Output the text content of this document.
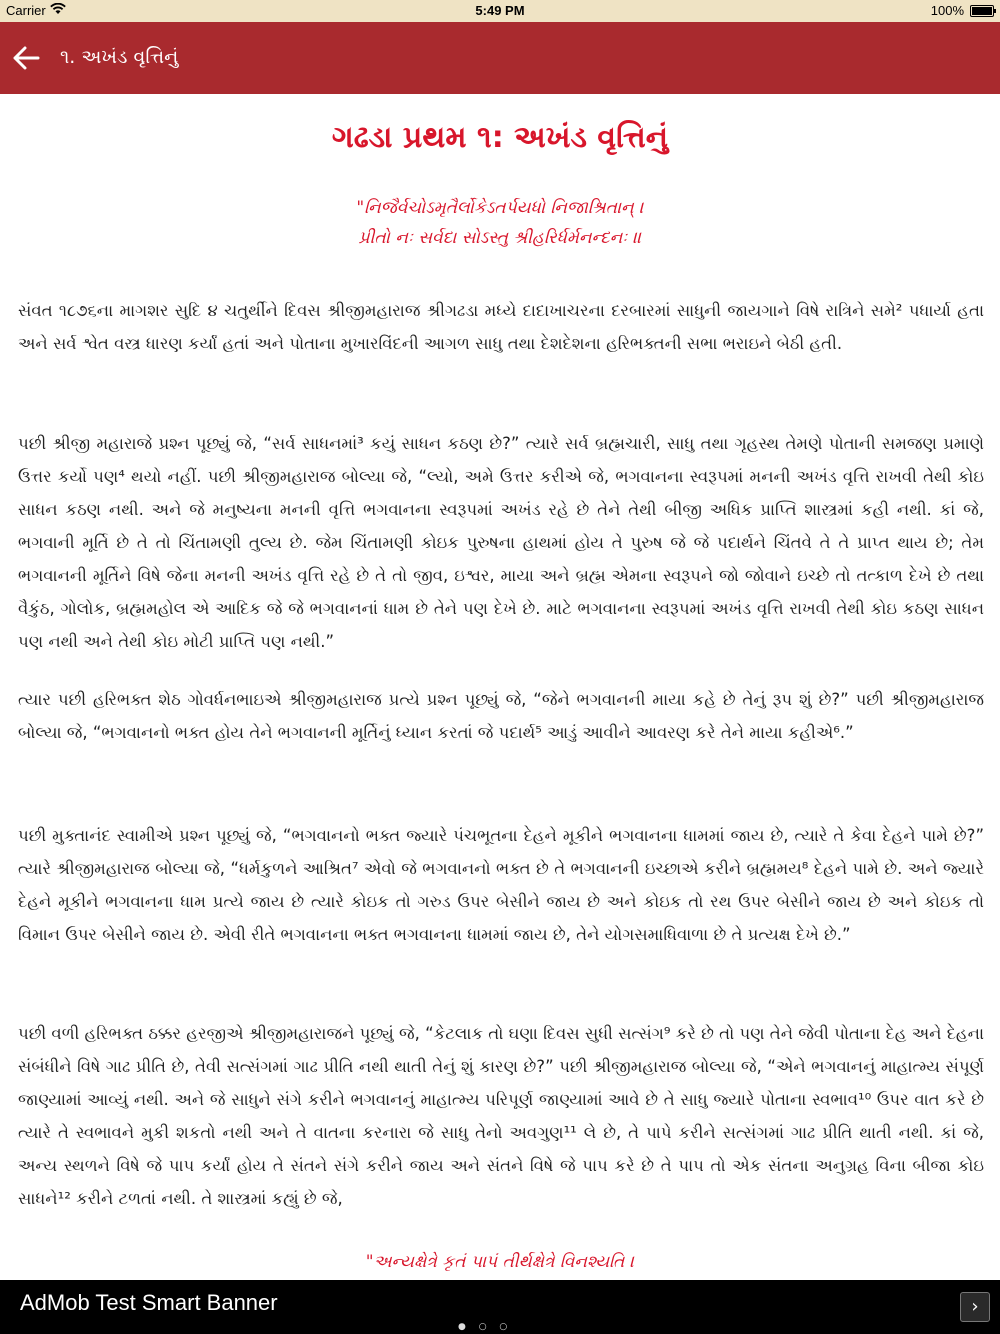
Carrier	5:49 PM	100%
૧. અખંડ વૃત્તિનું
ગઢડા પ્રથમ ૧: અખંડ વૃત્તિનું
"નિજૈર્વચોઽમૃતૈર્લોકેઽતર્પયધો નિજાશ્રિતાન્ ।
પ્રીતો નઃ સર્વદા સોઽસ્તુ શ્રીહરિર્ધર્મનન્દનઃ ॥
સંવત ૧૮૭૬ના માગશર સુદિ ૪ ચતુર્થીને દિવસ શ્રીજીમહારાજ શ્રીગઢડા મધ્યે દાદાખાચરના દરબારમાં સાધુની જાયગાને વિષે રાત્રિને સમે² પધાર્યા હતા અને સર્વ શ્વેત વસ્ત્ર ધારણ કર્યાં હતાં અને પોતાના મુખારવિંદની આગળ સાધુ તથા દેશદેશના હરિભક્તની સભા ભરાઇને બેઠી હતી.
પછી શ્રીજી મહારાજે પ્રશ્ન પૂછ્યું જે, “સર્વ સાધનમાં³ કયું સાધન કઠણ છે?” ત્યારે સર્વ બ્રહ્મચારી, સાધુ તથા ગૃહસ્થ તેમણે પોતાની સમજણ પ્રમાણે ઉત્તર કર્યો પણ⁴ થયો નહીં. પછી શ્રીજીમહારાજ બોલ્યા જે, “લ્યો, અમે ઉત્તર કરીએ જે, ભગવાનના સ્વરૂપમાં મનની અખંડ વૃત્તિ રાખવી તેથી કોઇ સાધન કઠણ નથી. અને જે મનુષ્યના મનની વૃત્તિ ભગવાનના સ્વરૂપમાં અખંડ રહે છે તેને તેથી બીજી અધિક પ્રાપ્તિ શાસ્ત્રમાં કહી નથી. કાં જે, ભગવાની મૂર્તિ છે તે તો ચિંતામણી તુલ્ય છે. જેમ ચિંતામણી કોઇક પુરુષના હાથમાં હોય તે પુરુષ જે જે પદાર્થને ચિંતવે તે તે પ્રાપ્ત થાય છે; તેમ ભગવાનની મૂર્તિને વિષે જેના મનની અખંડ વૃત્તિ રહે છે તે તો જીવ, ઇશ્વર, માયા અને બ્રહ્મ એમના સ્વરૂપને જો જોવાને ઇચ્છે તો તત્કાળ દેખે છે તથા વૈકુંઠ, ગોલોક, બ્રહ્મમહોલ એ આદિક જે જે ભગવાનનાં ધામ છે તેને પણ દેખે છે. માટે ભગવાનના સ્વરૂપમાં અખંડ વૃત્તિ રાખવી તેથી કોઇ કઠણ સાધન પણ નથી અને તેથી કોઇ મોટી પ્રાપ્તિ પણ નથી.”
ત્યાર પછી હરિભક્ત શેઠ ગોવર્ધનભાઇએ શ્રીજીમહારાજ પ્રત્યે પ્રશ્ન પૂછ્યું જે, “જેને ભગવાનની માયા કહે છે તેનું રૂપ શું છે?” પછી શ્રીજીમહારાજ બોલ્યા જે, “ભગવાનનો ભક્ત હોય તેને ભગવાનની મૂર્તિનું ધ્યાન કરતાં જે પદાર્થ⁵ આડું આવીને આવરણ કરે તેને માયા કહીએ⁶.”
પછી મુક્તાનંદ સ્વામીએ પ્રશ્ન પૂછ્યું જે, “ભગવાનનો ભક્ત જ્યારે પંચભૂતના દેહને મૂકીને ભગવાનના ધામમાં જાય છે, ત્યારે તે કેવા દેહને પામે છે?” ત્યારે શ્રીજીમહારાજ બોલ્યા જે, “ધર્મકુળને આશ્રિત⁷ એવો જે ભગવાનનો ભક્ત છે તે ભગવાનની ઇચ્છાએ કરીને બ્રહ્મમય⁸ દેહને પામે છે. અને જ્યારે દેહને મૂકીને ભગવાનના ધામ પ્રત્યે જાય છે ત્યારે કોઇક તો ગરુડ ઉપર બેસીને જાય છે અને કોઇક તો રથ ઉપર બેસીને જાય છે અને કોઇક તો વિમાન ઉપર બેસીને જાય છે. એવી રીતે ભગવાનના ભક્ત ભગવાનના ધામમાં જાય છે, તેને યોગસમાધિવાળા છે તે પ્રત્યક્ષ દેખે છે.”
પછી વળી હરિભક્ત ઠક્કર હરજીએ શ્રીજીમહારાજને પૂછ્યું જે, “કેટલાક તો ઘણા દિવસ સુધી સત્સંગ⁹ કરે છે તો પણ તેને જેવી પોતાના દેહ અને દેહના સંબંધીને વિષે ગાઢ પ્રીતિ છે, તેવી સત્સંગમાં ગાઢ પ્રીતિ નથી થાતી તેનું શું કારણ છે?” પછી શ્રીજીમહારાજ બોલ્યા જે, “એને ભગવાનનું માહાત્મ્ય સંપૂર્ણ જાણ્યામાં આવ્યું નથી. અને જે સાધુને સંગે કરીને ભગવાનનું માહાત્મ્ય પરિપૂર્ણ જાણ્યામાં આવે છે તે સાધુ જ્યારે પોતાના સ્વભાવ¹⁰ ઉપર વાત કરે છે ત્યારે તે સ્વભાવને મુકી શકતો નથી અને તે વાતના કરનારા જે સાધુ તેનો અવગુણ¹¹ લે છે, તે પાપે કરીને સત્સંગમાં ગાઢ પ્રીતિ થાતી નથી. કાં જે, અન્ય સ્થળને વિષે જે પાપ કર્યાં હોય તે સંતને સંગે કરીને જાય અને સંતને વિષે જે પાપ કરે છે તે પાપ તો એક સંતના અનુગ્રહ વિના બીજા કોઇ સાધને¹² કરીને ટળતાં નથી. તે શાસ્ત્રમાં કહ્યું છે જે,
"અન્યક્ષેત્રે કૃતં પાપં તીર્થક્ષેત્રે વિનશ્યતિ ।
AdMob Test Smart Banner	›
● ○ ○
